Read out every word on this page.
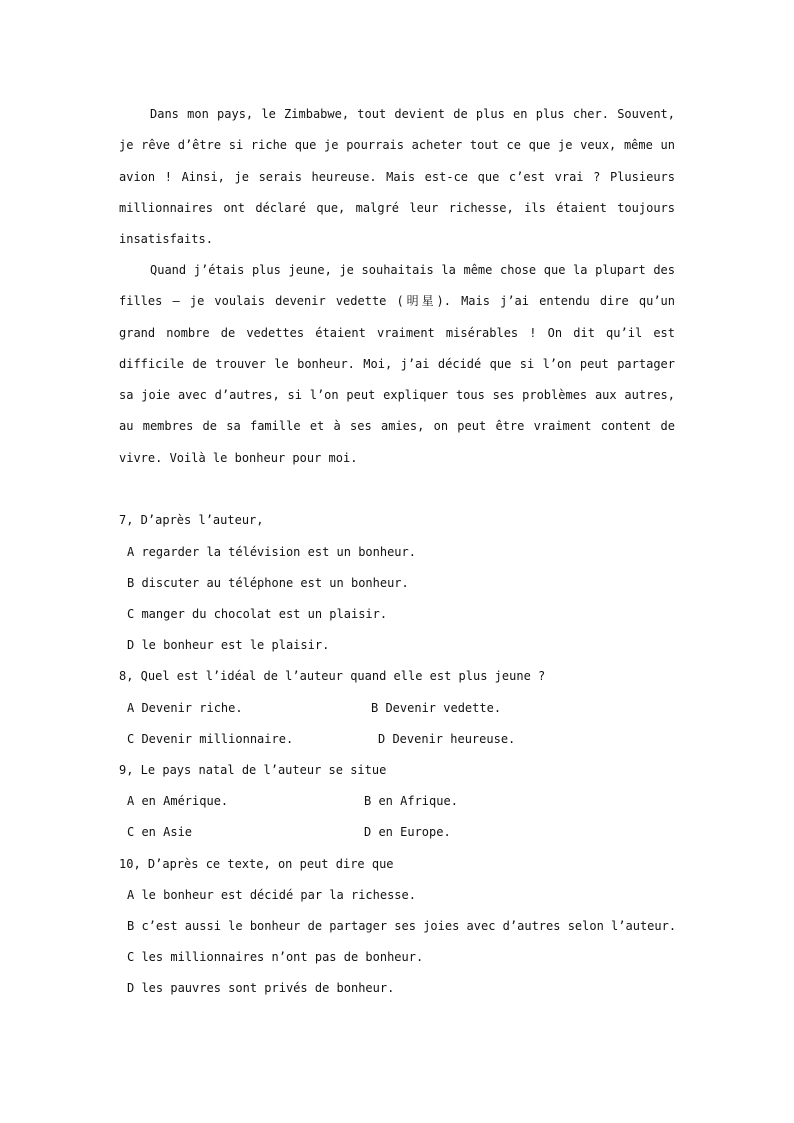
Dans mon pays, le Zimbabwe, tout devient de plus en plus cher. Souvent, je rêve d’être si riche que je pourrais acheter tout ce que je veux, même un avion ! Ainsi, je serais heureuse. Mais est-ce que c’est vrai ? Plusieurs millionnaires ont déclaré que, malgré leur richesse, ils étaient toujours insatisfaits.
Quand j’étais plus jeune, je souhaitais la même chose que la plupart des filles – je voulais devenir vedette (明星). Mais j’ai entendu dire qu’un grand nombre de vedettes étaient vraiment misérables ! On dit qu’il est difficile de trouver le bonheur. Moi, j’ai décidé que si l’on peut partager sa joie avec d’autres, si l’on peut expliquer tous ses problèmes aux autres, au membres de sa famille et à ses amies, on peut être vraiment content de vivre. Voilà le bonheur pour moi.
7, D’après l’auteur,
A regarder la télévision est un bonheur.
B discuter au téléphone est un bonheur.
C manger du chocolat est un plaisir.
D le bonheur est le plaisir.
8, Quel est l’idéal de l’auteur quand elle est plus jeune ?
A Devenir riche.	B Devenir vedette.
C Devenir millionnaire.	D Devenir heureuse.
9, Le pays natal de l’auteur se situe
A en Amérique.	B en Afrique.
C en Asie	D en Europe.
10, D’après ce texte, on peut dire que
A le bonheur est décidé par la richesse.
B c’est aussi le bonheur de partager ses joies avec d’autres selon l’auteur.
C les millionnaires n’ont pas de bonheur.
D les pauvres sont privés de bonheur.
